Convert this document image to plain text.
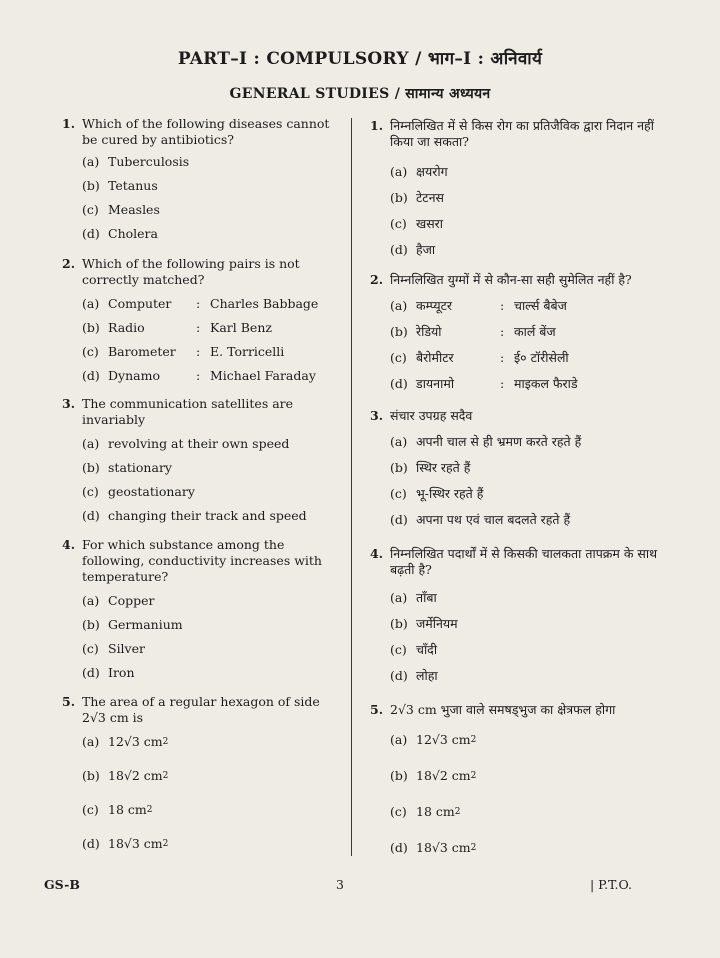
PART–I : COMPULSORY / भाग–I : अनिवार्य
GENERAL STUDIES / सामान्य अध्ययन
1. Which of the following diseases cannot be cured by antibiotics?
(a) Tuberculosis
(b) Tetanus
(c) Measles
(d) Cholera
2. Which of the following pairs is not correctly matched?
(a) Computer	: Charles Babbage
(b) Radio	: Karl Benz
(c) Barometer	: E. Torricelli
(d) Dynamo	: Michael Faraday
3. The communication satellites are invariably
(a) revolving at their own speed
(b) stationary
(c) geostationary
(d) changing their track and speed
4. For which substance among the following, conductivity increases with temperature?
(a) Copper
(b) Germanium
(c) Silver
(d) Iron
5. The area of a regular hexagon of side 2√3 cm is
(a) 12√3 cm 2
(b) 18√2 cm 2
(c) 18 cm 2
(d) 18√3 cm 2
1. निम्नलिखित में से किस रोग का प्रतिजैविक द्वारा निदान नहीं किया जा सकता?
(a) क्षयरोग
(b) टेटनस
(c) खसरा
(d) हैजा
2. निम्नलिखित युग्मों में से कौन-सा सही सुमेलित नहीं है?
(a) कम्प्यूटर	: चार्ल्स बैबेज
(b) रेडियो	: कार्ल बेंज
(c) बैरोमीटर	: ई० टॉरीसेली
(d) डायनामो	: माइकल फैराडे
3. संचार उपग्रह सदैव
(a) अपनी चाल से ही भ्रमण करते रहते हैं
(b) स्थिर रहते हैं
(c) भू-स्थिर रहते हैं
(d) अपना पथ एवं चाल बदलते रहते हैं
4. निम्नलिखित पदार्थों में से किसकी चालकता तापक्रम के साथ बढ़ती है?
(a) ताँबा
(b) जर्मेनियम
(c) चाँदी
(d) लोहा
5. 2√3 cm भुजा वाले समषड्भुज का क्षेत्रफल होगा
(a) 12√3 cm 2
(b) 18√2 cm 2
(c) 18 cm 2
(d) 18√3 cm 2
GS-B	3	| P.T.O.
